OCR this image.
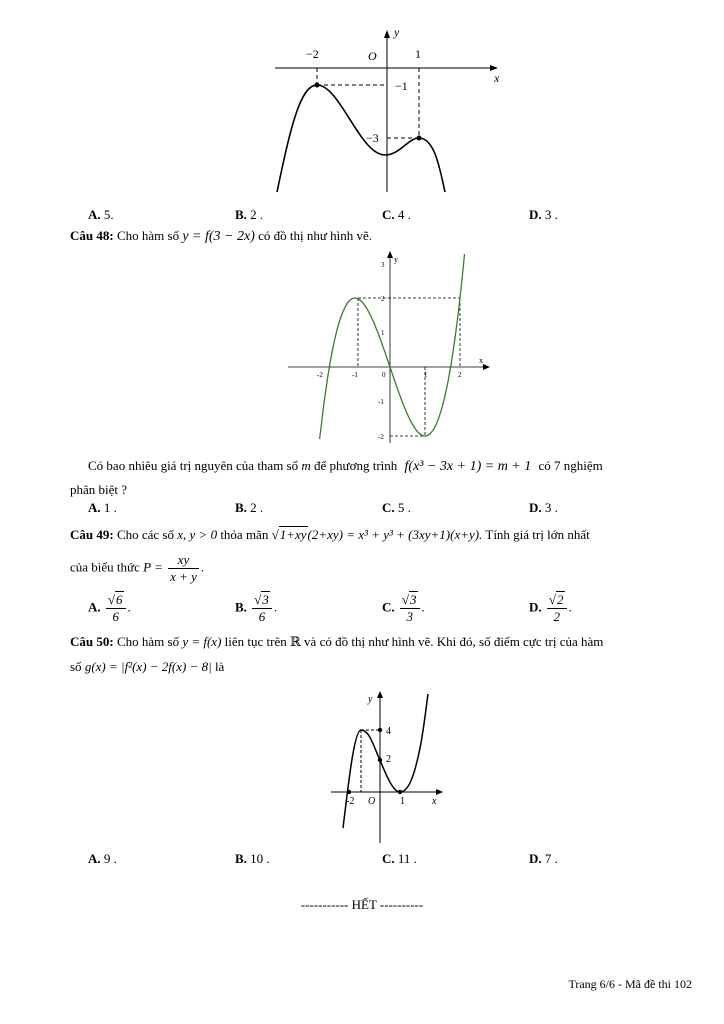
x
y
O
−2	1
−1
−3
A. 5.	B. 2 .	C. 4 .	D. 3 .
Câu 48: Cho hàm số y = f(3 − 2x) có đồ thị như hình vẽ.
-2	-1	0	1	2
3
2
1
-1
-2
x
y
Có bao nhiêu giá trị nguyên của tham số m để phương trình f(x³ − 3x + 1) = m + 1 có 7 nghiệm
phân biệt ?
A. 1 .	B. 2 .	C. 5 .	D. 3 .
Câu 49: Cho các số x, y > 0 thỏa mãn √1+xy(2+xy) = x³ + y³ + (3xy+1)(x+y). Tính giá trị lớn nhất
của biểu thức $P = \frac{xy}{x + y}$ .
A. $\frac{√6}{6}$ .	B. $\frac{√3}{6}$ .	C. $\frac{√3}{3}$ .	D. $\frac{√2}{2}$ .
Câu 50: Cho hàm số y = f(x) liên tục trên ℝ và có đồ thị như hình vẽ. Khi đó, số điểm cực trị của hàm
số g(x) = |f²(x) − 2f(x) − 8| là
x
y
O
-2	1
2
4
A. 9 .	B. 10 .	C. 11 .	D. 7 .
----------- HẾT ----------
Trang 6/6 - Mã đề thi 102
